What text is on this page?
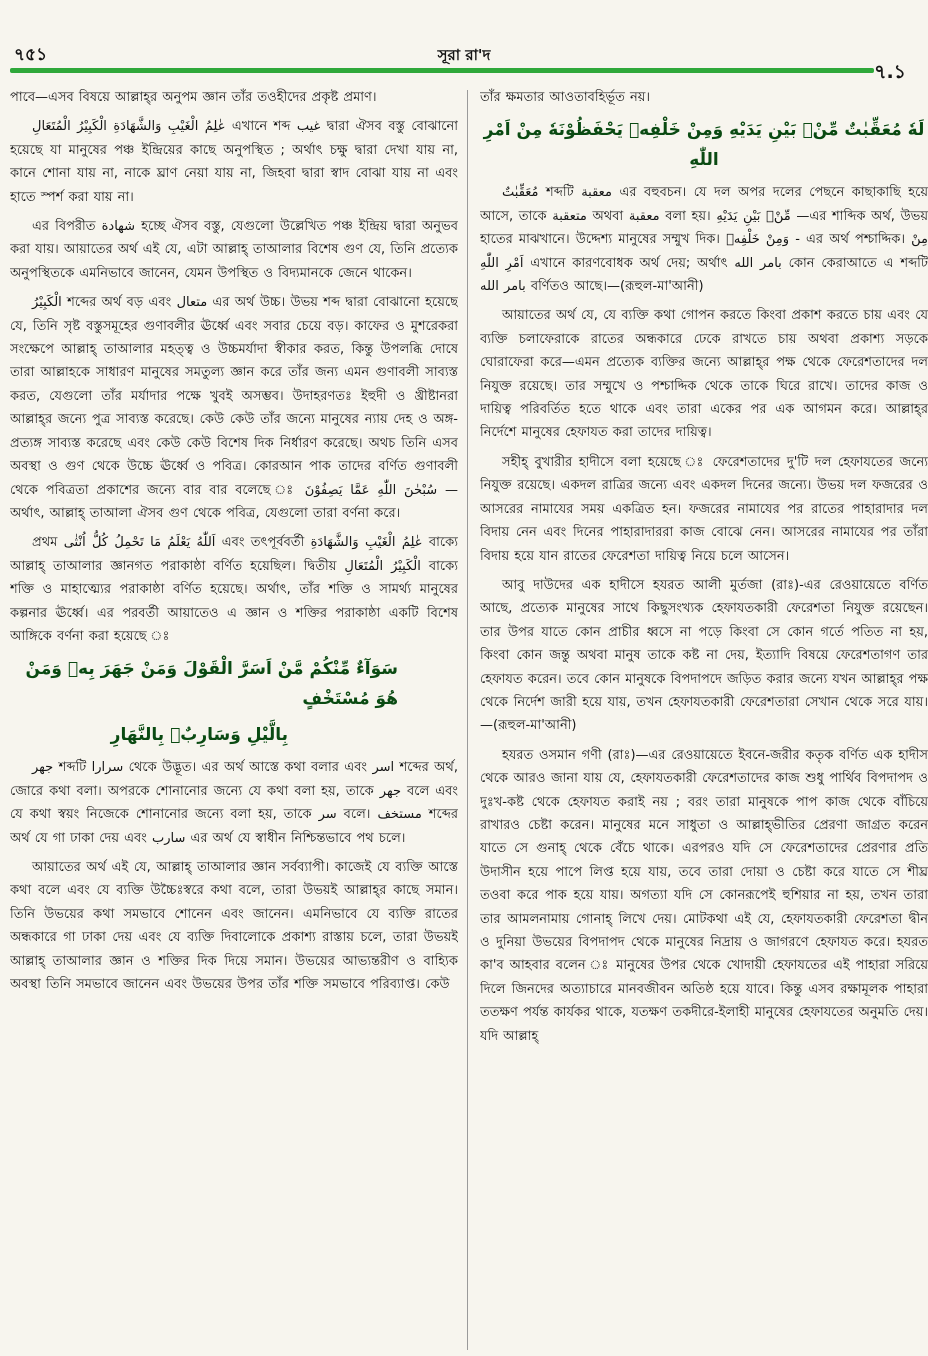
৭৫১	সূরা রা'দ
৭.১

পাবে—এসব বিষয়ে আল্লাহ্‌র অনুপম জ্ঞান তাঁর তওহীদের প্রকৃষ্ট প্রমাণ।

عٰلِمُ الْغَيْبِ وَالشَّهَادَةِ الْكَبِيْرُ الْمُتَعَالِ এখানে শব্দ غيب দ্বারা ঐসব বস্তু বোঝানো হয়েছে যা মানুষের পঞ্চ ইন্দ্রিয়ের কাছে অনুপস্থিত ; অর্থাৎ চক্ষু দ্বারা দেখা যায় না, কানে শোনা যায় না, নাকে ঘ্রাণ নেয়া যায় না, জিহবা দ্বারা স্বাদ বোঝা যায় না এবং হাতে স্পর্শ করা যায় না।

এর বিপরীত شهادة হচ্ছে ঐসব বস্তু, যেগুলো উল্লেখিত পঞ্চ ইন্দ্রিয় দ্বারা অনুভব করা যায়। আয়াতের অর্থ এই যে, এটা আল্লাহ্‌ তাআলার বিশেষ গুণ যে, তিনি প্রত্যেক অনুপস্থিতকে এমনিভাবে জানেন, যেমন উপস্থিত ও বিদ্যমানকে জেনে থাকেন।

الْكَبِيْرُ শব্দের অর্থ বড় এবং متعال এর অর্থ উচ্চ। উভয় শব্দ দ্বারা বোঝানো হয়েছে যে, তিনি সৃষ্ট বস্তুসমূহের গুণাবলীর ঊর্ধ্বে এবং সবার চেয়ে বড়। কাফের ও মুশরেকরা সংক্ষেপে আল্লাহ্‌ তাআলার মহত্ত্ব ও উচ্চমর্যাদা স্বীকার করত, কিন্তু উপলব্ধি দোষে তারা আল্লাহকে সাধারণ মানুষের সমতুল্য জ্ঞান করে তাঁর জন্য এমন গুণাবলী সাব্যস্ত করত, যেগুলো তাঁর মর্যাদার পক্ষে খুবই অসম্ভব। উদাহরণতঃ ইহুদী ও খ্রীষ্টানরা আল্লাহ্‌র জন্যে পুত্র সাব্যস্ত করেছে। কেউ কেউ তাঁর জন্যে মানুষের ন্যায় দেহ ও অঙ্গ-প্রত্যঙ্গ সাব্যস্ত করেছে এবং কেউ কেউ বিশেষ দিক নির্ধারণ করেছে। অথচ তিনি এসব অবস্থা ও গুণ থেকে উচ্চে ঊর্ধ্বে ও পবিত্র। কোরআন পাক তাদের বর্ণিত গুণাবলী থেকে পবিত্রতা প্রকাশের জন্যে বার বার বলেছে ঃ سُبْحٰنَ اللّٰهِ عَمَّا يَصِفُوْنَ —অর্থাৎ, আল্লাহ্‌ তাআলা ঐসব গুণ থেকে পবিত্র, যেগুলো তারা বর্ণনা করে।

প্রথম اَللّٰهُ يَعْلَمُ مَا تَحْمِلُ كُلُّ اُنْثٰى এবং তৎপূর্ববর্তী عٰلِمُ الْغَيْبِ وَالشَّهَادَةِ বাক্যে আল্লাহ্‌ তাআলার জ্ঞানগত পরাকাষ্ঠা বর্ণিত হয়েছিল। দ্বিতীয় الْكَبِيْرُ الْمُتَعَالِ বাক্যে শক্তি ও মাহাত্ম্যের পরাকাষ্ঠা বর্ণিত হয়েছে। অর্থাৎ, তাঁর শক্তি ও সামর্থ্য মানুষের কল্পনার ঊর্ধ্বে। এর পরবর্তী আয়াতেও এ জ্ঞান ও শক্তির পরাকাষ্ঠা একটি বিশেষ আঙ্গিকে বর্ণনা করা হয়েছে ঃ

سَوَآءٌ مِّنْكُمْ مَّنْ اَسَرَّ الْقَوْلَ وَمَنْ جَهَرَ بِهٖ وَمَنْ هُوَ مُسْتَخْفٍ
بِالَّيْلِ وَسَارِبٌۢ بِالنَّهَارِ

جهر শব্দটি سرارا থেকে উদ্ভূত। এর অর্থ আস্তে কথা বলার এবং اسر শব্দের অর্থ, জোরে কথা বলা। অপরকে শোনানোর জন্যে যে কথা বলা হয়, তাকে جهر বলে এবং যে কথা স্বয়ং নিজেকে শোনানোর জন্যে বলা হয়, তাকে سر বলে। مستخف শব্দের অর্থ যে গা ঢাকা দেয় এবং سارب এর অর্থ যে স্বাধীন নিশ্চিন্তভাবে পথ চলে।

আয়াতের অর্থ এই যে, আল্লাহ্‌ তাআলার জ্ঞান সর্বব্যাপী। কাজেই যে ব্যক্তি আস্তে কথা বলে এবং যে ব্যক্তি উচ্চৈঃস্বরে কথা বলে, তারা উভয়ই আল্লাহ্‌র কাছে সমান। তিনি উভয়ের কথা সমভাবে শোনেন এবং জানেন। এমনিভাবে যে ব্যক্তি রাতের অন্ধকারে গা ঢাকা দেয় এবং যে ব্যক্তি দিবালোকে প্রকাশ্য রাস্তায় চলে, তারা উভয়ই আল্লাহ্‌ তাআলার জ্ঞান ও শক্তির দিক দিয়ে সমান। উভয়ের আভ্যন্তরীণ ও বাহ্যিক অবস্থা তিনি সমভাবে জানেন এবং উভয়ের উপর তাঁর শক্তি সমভাবে পরিব্যাপ্ত। কেউ

তাঁর ক্ষমতার আওতাবহির্ভূত নয়।

لَهٗ مُعَقِّبٰتٌ مِّنْۢ بَيْنِ يَدَيْهِ وَمِنْ خَلْفِهٖ يَحْفَظُوْنَهٗ مِنْ اَمْرِ اللّٰهِ

مُعَقِّبٰتٌ শব্দটি معقبة এর বহুবচন। যে দল অপর দলের পেছনে কাছাকাছি হয়ে আসে, তাকে متعقبة অথবা معقبة বলা হয়। مِّنْۢ بَيْنِ يَدَيْهِ —এর শাব্দিক অর্থ, উভয় হাতের মাঝখানে। উদ্দেশ্য মানুষের সম্মুখ দিক। وَمِنْ خَلْفِهٖ - এর অর্থ পশ্চাদ্দিক। مِنْ اَمْرِ اللّٰهِ এখানে কারণবোধক অর্থ দেয়; অর্থাৎ بامر الله কোন কেরাআতে এ শব্দটি بامر الله বর্ণিতও আছে।—(রূহুল-মা'আনী)

আয়াতের অর্থ যে, যে ব্যক্তি কথা গোপন করতে কিংবা প্রকাশ করতে চায় এবং যে ব্যক্তি চলাফেরাকে রাতের অন্ধকারে ঢেকে রাখতে চায় অথবা প্রকাশ্য সড়কে ঘোরাফেরা করে—এমন প্রত্যেক ব্যক্তির জন্যে আল্লাহ্‌র পক্ষ থেকে ফেরেশতাদের দল নিযুক্ত রয়েছে। তার সম্মুখে ও পশ্চাদ্দিক থেকে তাকে ঘিরে রাখে। তাদের কাজ ও দায়িত্ব পরিবর্তিত হতে থাকে এবং তারা একের পর এক আগমন করে। আল্লাহ্‌র নির্দেশে মানুষের হেফাযত করা তাদের দায়িত্ব।

সহীহ্‌ বুখারীর হাদীসে বলা হয়েছে ঃ ফেরেশতাদের দু'টি দল হেফাযতের জন্যে নিযুক্ত রয়েছে। একদল রাত্রির জন্যে এবং একদল দিনের জন্যে। উভয় দল ফজরের ও আসরের নামাযের সময় একত্রিত হন। ফজরের নামাযের পর রাতের পাহারাদার দল বিদায় নেন এবং দিনের পাহারাদাররা কাজ বোঝে নেন। আসরের নামাযের পর তাঁরা বিদায় হয়ে যান রাতের ফেরেশতা দায়িত্ব নিয়ে চলে আসেন।

আবু দাউদের এক হাদীসে হযরত আলী মুর্তজা (রাঃ)-এর রেওয়ায়েতে বর্ণিত আছে, প্রত্যেক মানুষের সাথে কিছুসংখ্যক হেফাযতকারী ফেরেশতা নিযুক্ত রয়েছেন। তার উপর যাতে কোন প্রাচীর ধ্বসে না পড়ে কিংবা সে কোন গর্তে পতিত না হয়, কিংবা কোন জন্তু অথবা মানুষ তাকে কষ্ট না দেয়, ইত্যাদি বিষয়ে ফেরেশতাগণ তার হেফাযত করেন। তবে কোন মানুষকে বিপদাপদে জড়িত করার জন্যে যখন আল্লাহ্‌র পক্ষ থেকে নির্দেশ জারী হয়ে যায়, তখন হেফাযতকারী ফেরেশতারা সেখান থেকে সরে যায়।—(রূহুল-মা'আনী)

হযরত ওসমান গণী (রাঃ)—এর রেওয়ায়েতে ইবনে-জরীর কতৃক বর্ণিত এক হাদীস থেকে আরও জানা যায় যে, হেফাযতকারী ফেরেশতাদের কাজ শুধু পার্থিব বিপদাপদ ও দুঃখ-কষ্ট থেকে হেফাযত করাই নয় ; বরং তারা মানুষকে পাপ কাজ থেকে বাঁচিয়ে রাখারও চেষ্টা করেন। মানুষের মনে সাধুতা ও আল্লাহ্‌ভীতির প্রেরণা জাগ্রত করেন যাতে সে গুনাহ্‌ থেকে বেঁচে থাকে। এরপরও যদি সে ফেরেশতাদের প্রেরণার প্রতি উদাসীন হয়ে পাপে লিপ্ত হয়ে যায়, তবে তারা দোয়া ও চেষ্টা করে যাতে সে শীঘ্র তওবা করে পাক হয়ে যায়। অগত্যা যদি সে কোনরূপেই হুশিয়ার না হয়, তখন তারা তার আমলনামায় গোনাহ্‌ লিখে দেয়। মোটকথা এই যে, হেফাযতকারী ফেরেশতা দ্বীন ও দুনিয়া উভয়ের বিপদাপদ থেকে মানুষের নিদ্রায় ও জাগরণে হেফাযত করে। হযরত কা'ব আহবার বলেন ঃ মানুষের উপর থেকে খোদায়ী হেফাযতের এই পাহারা সরিয়ে দিলে জিনদের অত্যাচারে মানবজীবন অতিষ্ঠ হয়ে যাবে। কিন্তু এসব রক্ষামূলক পাহারা ততক্ষণ পর্যন্ত কার্যকর থাকে, যতক্ষণ তকদীরে-ইলাহী মানুষের হেফাযতের অনুমতি দেয়। যদি আল্লাহ্‌
